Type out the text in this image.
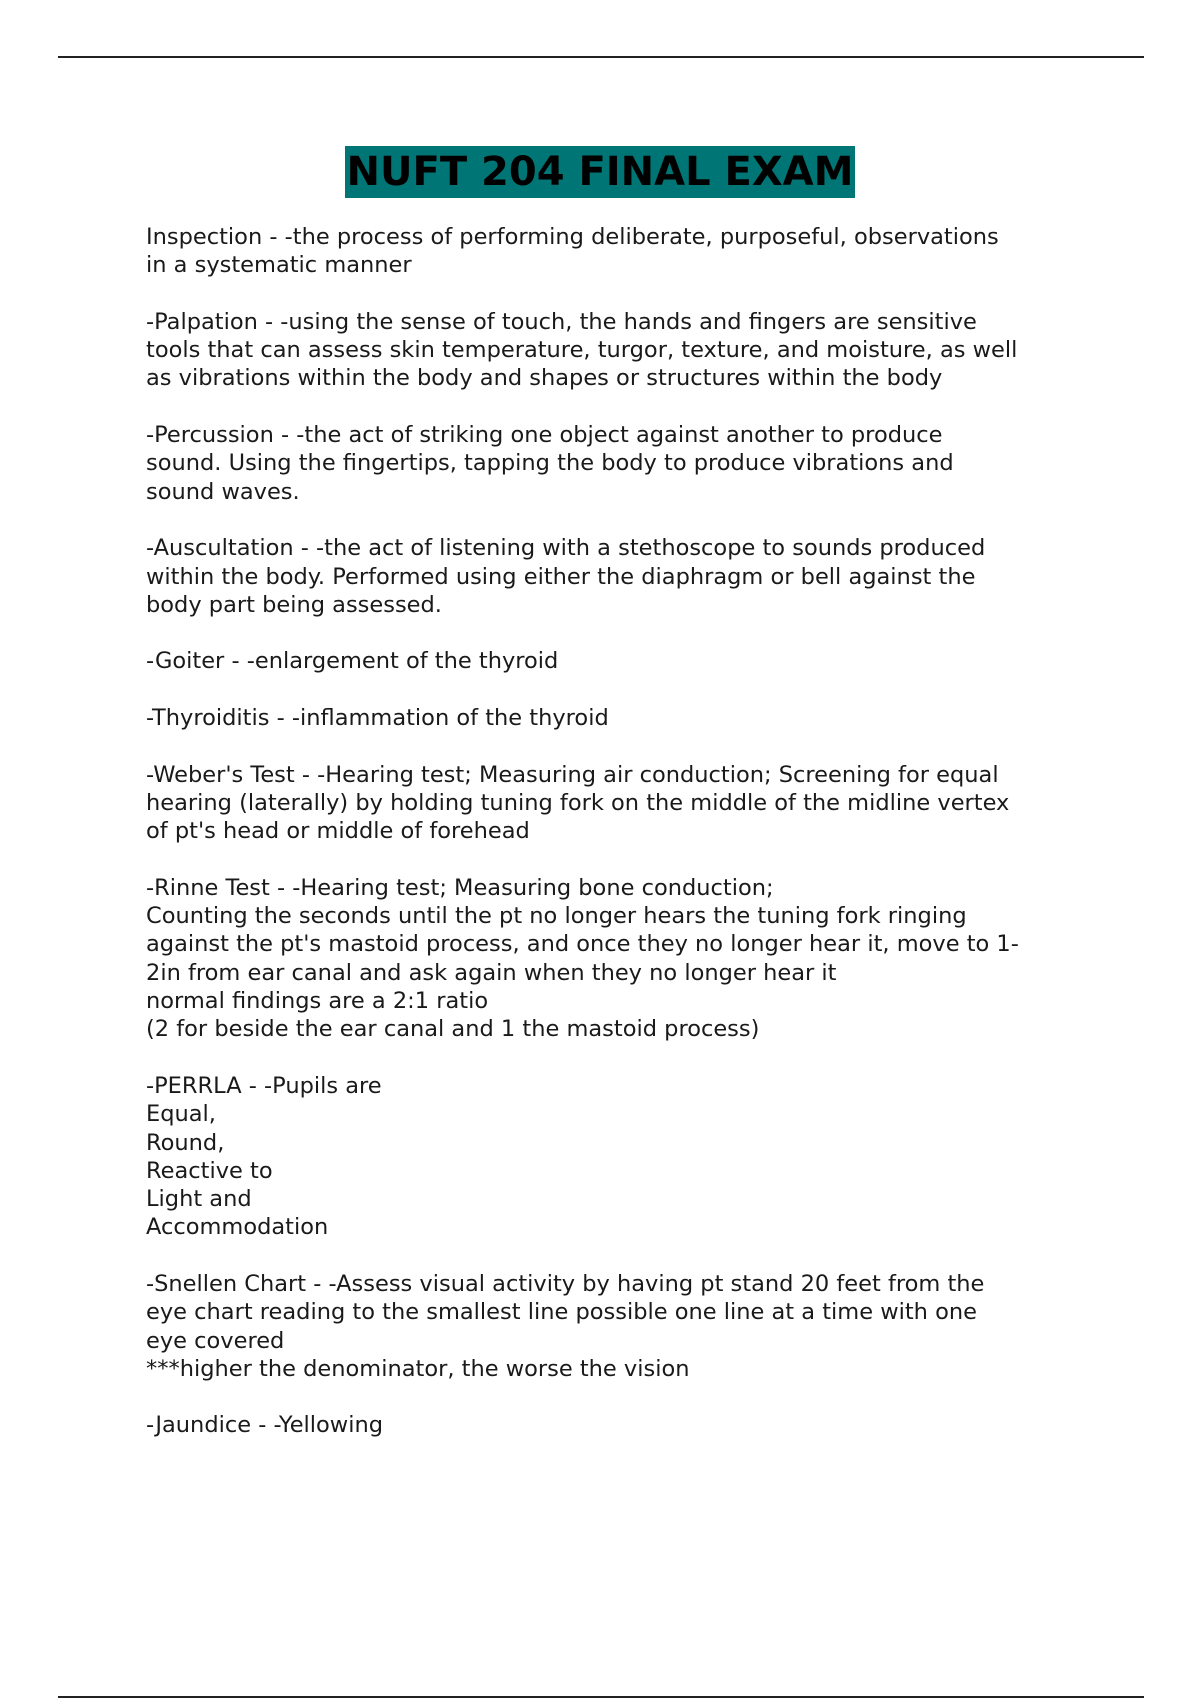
NUFT 204 FINAL EXAM
Inspection - -the process of performing deliberate, purposeful, observations
in a systematic manner
-Palpation - -using the sense of touch, the hands and fingers are sensitive
tools that can assess skin temperature, turgor, texture, and moisture, as well
as vibrations within the body and shapes or structures within the body
-Percussion - -the act of striking one object against another to produce
sound. Using the fingertips, tapping the body to produce vibrations and
sound waves.
-Auscultation - -the act of listening with a stethoscope to sounds produced
within the body. Performed using either the diaphragm or bell against the
body part being assessed.
-Goiter - -enlargement of the thyroid
-Thyroiditis - -inflammation of the thyroid
-Weber's Test - -Hearing test; Measuring air conduction; Screening for equal
hearing (laterally) by holding tuning fork on the middle of the midline vertex
of pt's head or middle of forehead
-Rinne Test - -Hearing test; Measuring bone conduction;
Counting the seconds until the pt no longer hears the tuning fork ringing
against the pt's mastoid process, and once they no longer hear it, move to 1-
2in from ear canal and ask again when they no longer hear it
normal findings are a 2:1 ratio
(2 for beside the ear canal and 1 the mastoid process)
-PERRLA - -Pupils are
Equal,
Round,
Reactive to
Light and
Accommodation
-Snellen Chart - -Assess visual activity by having pt stand 20 feet from the
eye chart reading to the smallest line possible one line at a time with one
eye covered
***higher the denominator, the worse the vision
-Jaundice - -Yellowing
